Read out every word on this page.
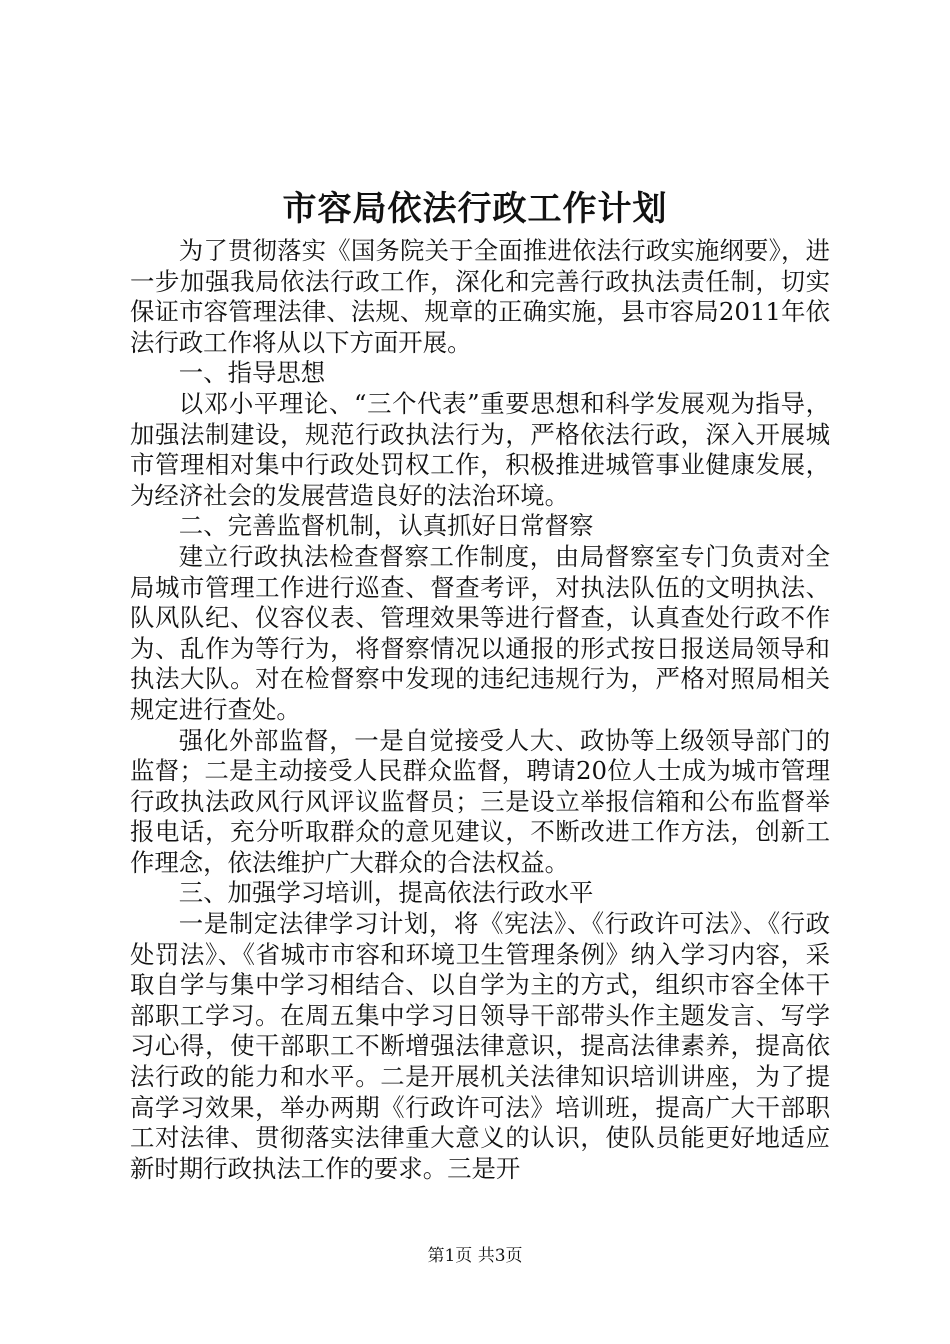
市容局依法行政工作计划

为了贯彻落实《国务院关于全面推进依法行政实施纲要》，进一步加强我局依法行政工作，深化和完善行政执法责任制，切实保证市容管理法律、法规、规章的正确实施，县市容局2011年依法行政工作将从以下方面开展。

一、指导思想

以邓小平理论、“三个代表”重要思想和科学发展观为指导，加强法制建设，规范行政执法行为，严格依法行政，深入开展城市管理相对集中行政处罚权工作，积极推进城管事业健康发展，为经济社会的发展营造良好的法治环境。

二、完善监督机制，认真抓好日常督察

建立行政执法检查督察工作制度，由局督察室专门负责对全局城市管理工作进行巡查、督查考评，对执法队伍的文明执法、队风队纪、仪容仪表、管理效果等进行督查，认真查处行政不作为、乱作为等行为，将督察情况以通报的形式按日报送局领导和执法大队。对在检督察中发现的违纪违规行为，严格对照局相关规定进行查处。

强化外部监督，一是自觉接受人大、政协等上级领导部门的监督；二是主动接受人民群众监督，聘请20位人士成为城市管理行政执法政风行风评议监督员；三是设立举报信箱和公布监督举报电话，充分听取群众的意见建议，不断改进工作方法，创新工作理念，依法维护广大群众的合法权益。

三、加强学习培训，提高依法行政水平

一是制定法律学习计划，将《宪法》、《行政许可法》、《行政处罚法》、《省城市市容和环境卫生管理条例》纳入学习内容，采取自学与集中学习相结合、以自学为主的方式，组织市容全体干部职工学习。在周五集中学习日领导干部带头作主题发言、写学习心得，使干部职工不断增强法律意识，提高法律素养，提高依法行政的能力和水平。二是开展机关法律知识培训讲座，为了提高学习效果，举办两期《行政许可法》培训班，提高广大干部职工对法律、贯彻落实法律重大意义的认识，使队员能更好地适应新时期行政执法工作的要求。三是开

第1页 共3页
